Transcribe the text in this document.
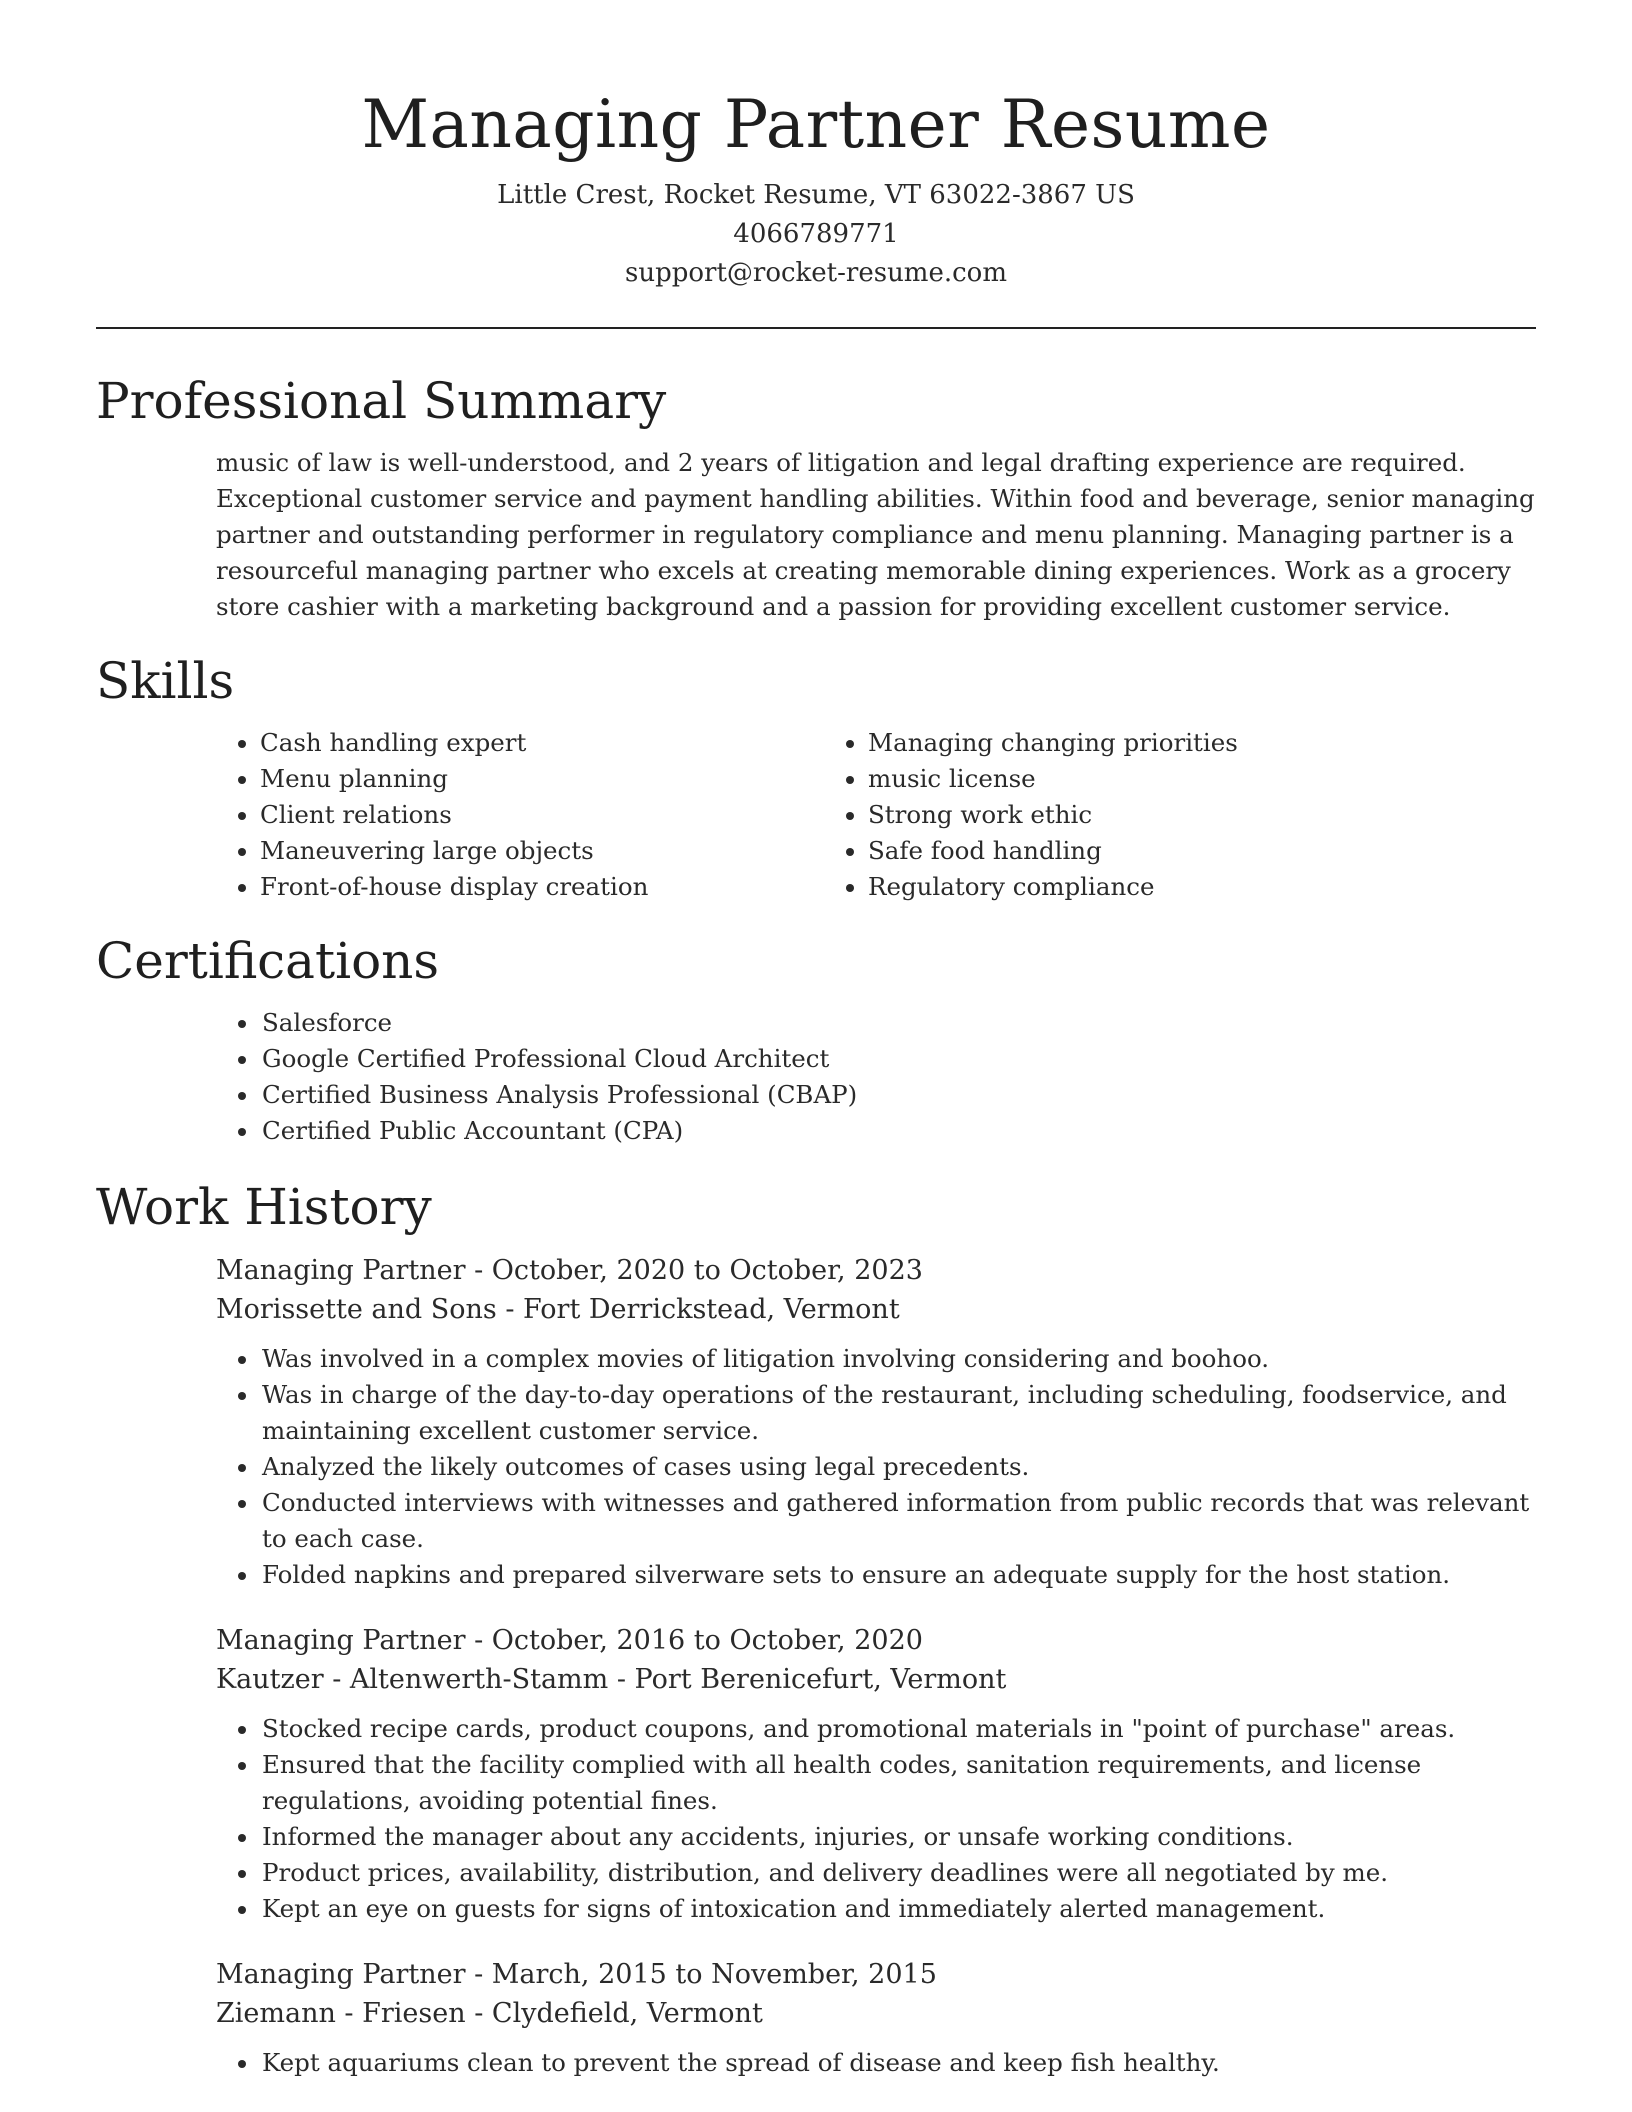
Managing Partner Resume
Little Crest, Rocket Resume, VT 63022-3867 US
4066789771
support@rocket-resume.com
Professional Summary
music of law is well-understood, and 2 years of litigation and legal drafting experience are required. Exceptional customer service and payment handling abilities. Within food and beverage, senior managing partner and outstanding performer in regulatory compliance and menu planning. Managing partner is a resourceful managing partner who excels at creating memorable dining experiences. Work as a grocery store cashier with a marketing background and a passion for providing excellent customer service.
Skills
• Cash handling expert
• Menu planning
• Client relations
• Maneuvering large objects
• Front-of-house display creation
• Managing changing priorities
• music license
• Strong work ethic
• Safe food handling
• Regulatory compliance
Certifications
• Salesforce
• Google Certified Professional Cloud Architect
• Certified Business Analysis Professional (CBAP)
• Certified Public Accountant (CPA)
Work History
Managing Partner - October, 2020 to October, 2023
Morissette and Sons - Fort Derrickstead, Vermont
• Was involved in a complex movies of litigation involving considering and boohoo.
• Was in charge of the day-to-day operations of the restaurant, including scheduling, foodservice, and maintaining excellent customer service.
• Analyzed the likely outcomes of cases using legal precedents.
• Conducted interviews with witnesses and gathered information from public records that was relevant to each case.
• Folded napkins and prepared silverware sets to ensure an adequate supply for the host station.
Managing Partner - October, 2016 to October, 2020
Kautzer - Altenwerth-Stamm - Port Berenicefurt, Vermont
• Stocked recipe cards, product coupons, and promotional materials in "point of purchase" areas.
• Ensured that the facility complied with all health codes, sanitation requirements, and license regulations, avoiding potential fines.
• Informed the manager about any accidents, injuries, or unsafe working conditions.
• Product prices, availability, distribution, and delivery deadlines were all negotiated by me.
• Kept an eye on guests for signs of intoxication and immediately alerted management.
Managing Partner - March, 2015 to November, 2015
Ziemann - Friesen - Clydefield, Vermont
• Kept aquariums clean to prevent the spread of disease and keep fish healthy.
